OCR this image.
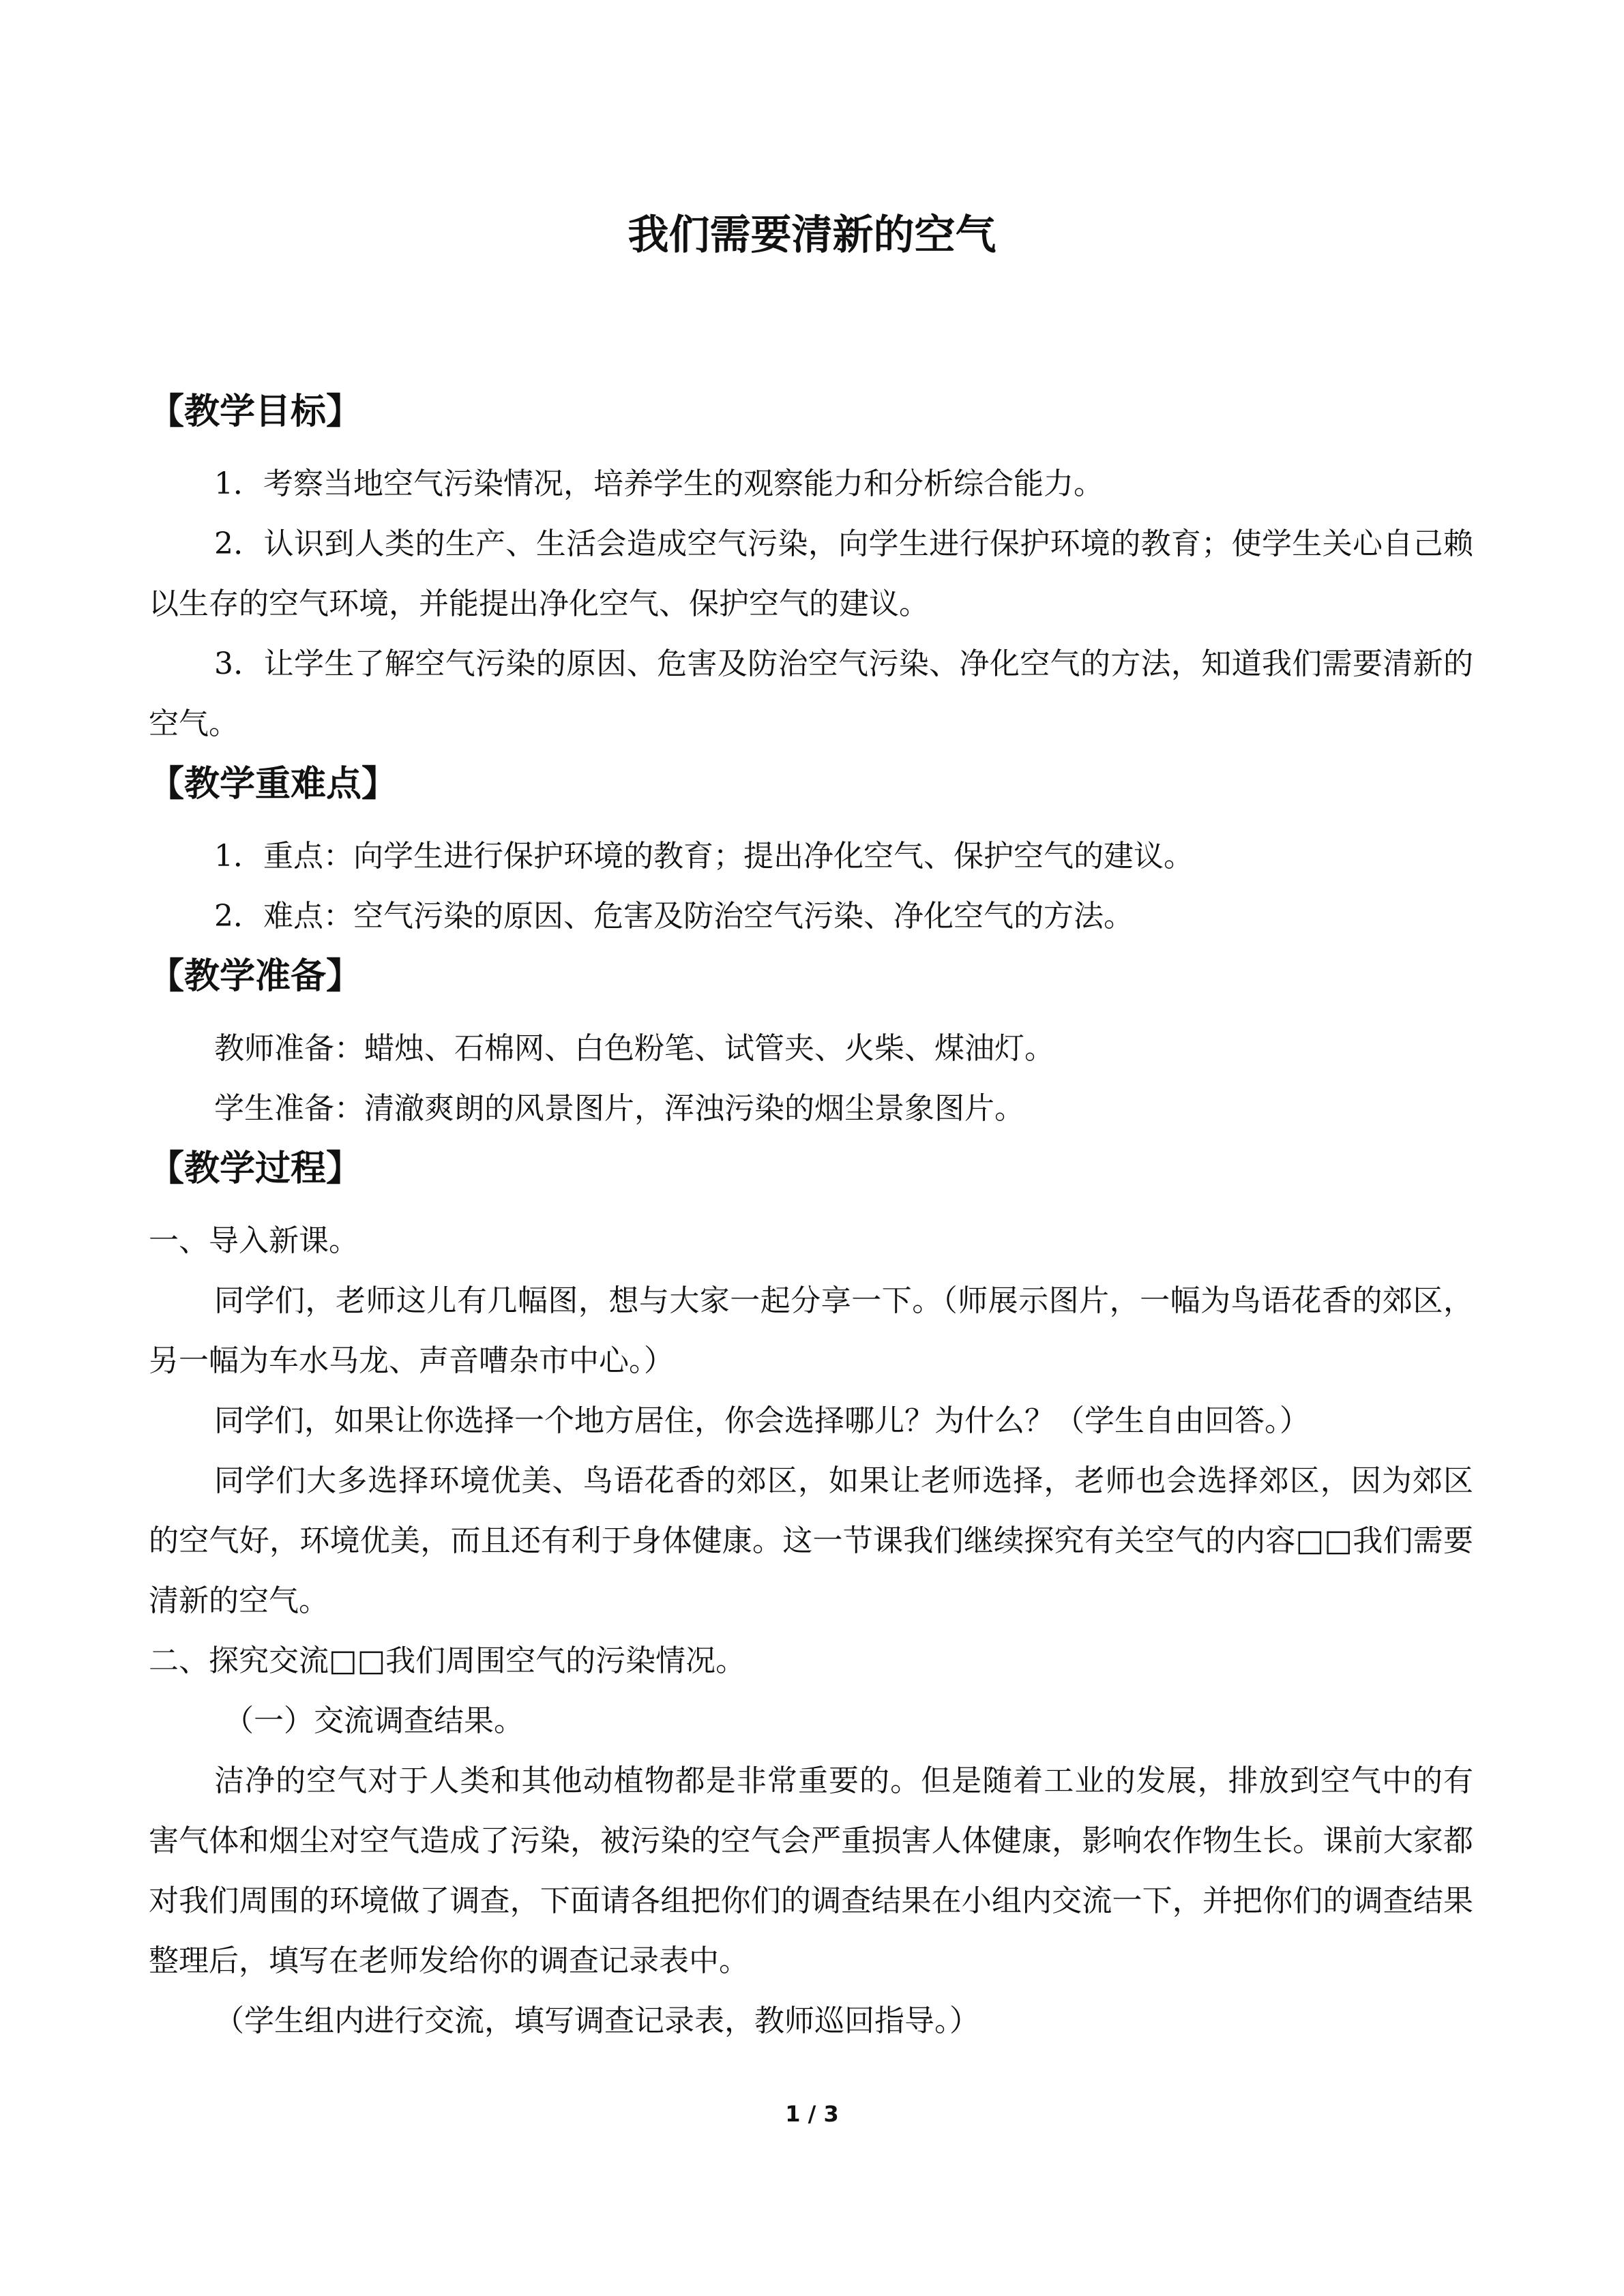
我们需要清新的空气
【教学目标】

1．考察当地空气污染情况，培养学生的观察能力和分析综合能力。

2．认识到人类的生产、生活会造成空气污染，向学生进行保护环境的教育；使学生关心自己赖以生存的空气环境，并能提出净化空气、保护空气的建议。

3．让学生了解空气污染的原因、危害及防治空气污染、净化空气的方法，知道我们需要清新的空气。

【教学重难点】

1．重点：向学生进行保护环境的教育；提出净化空气、保护空气的建议。

2．难点：空气污染的原因、危害及防治空气污染、净化空气的方法。

【教学准备】

教师准备：蜡烛、石棉网、白色粉笔、试管夹、火柴、煤油灯。

学生准备：清澈爽朗的风景图片，浑浊污染的烟尘景象图片。

【教学过程】

一、导入新课。

同学们，老师这儿有几幅图，想与大家一起分享一下。（师展示图片，一幅为鸟语花香的郊区，另一幅为车水马龙、声音嘈杂市中心。）

同学们，如果让你选择一个地方居住，你会选择哪儿？为什么？（学生自由回答。）

同学们大多选择环境优美、鸟语花香的郊区，如果让老师选择，老师也会选择郊区，因为郊区的空气好，环境优美，而且还有利于身体健康。这一节课我们继续探究有关空气的内容□□我们需要清新的空气。

二、探究交流□□我们周围空气的污染情况。

（一）交流调查结果。

洁净的空气对于人类和其他动植物都是非常重要的。但是随着工业的发展，排放到空气中的有害气体和烟尘对空气造成了污染，被污染的空气会严重损害人体健康，影响农作物生长。课前大家都对我们周围的环境做了调查，下面请各组把你们的调查结果在小组内交流一下，并把你们的调查结果整理后，填写在老师发给你的调查记录表中。

（学生组内进行交流，填写调查记录表，教师巡回指导。）

1 / 3
